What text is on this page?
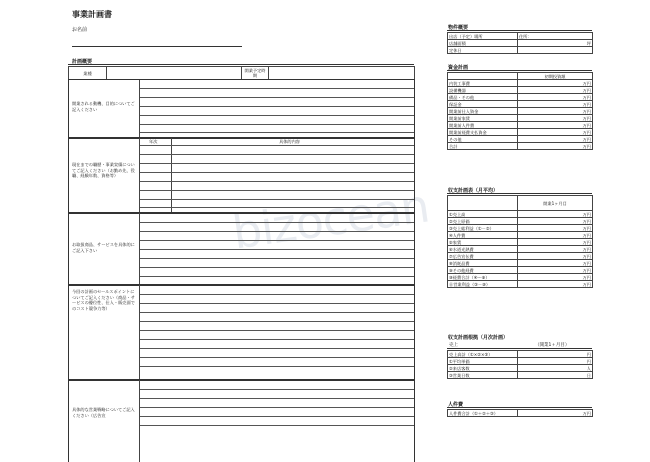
bizocean
事業計画書
お名前
計画概要
業種		開業予定時期	
開業される動機、目的についてご記入ください
現在までの職歴・事業実績についてご記入ください（お勤め先、役職、経験年数、資格等）
年次	具体的内容
お取扱商品、サービスを具体的にご記入下さい
今回の計画のセールスポイントについてご記入ください（商品・サービスの優位性、仕入・販売面でのコスト競争力等）
具体的な営業戦略についてご記入ください（広告宣
物件概要
出店（予定）場所	住所：
店舗面積	坪
定休日	
資金計画
	初期投資額
内装工事費	万円
設備機器	万円
備品・その他	万円
保証金	万円
開業前仕入資金	万円
開業前家賃	万円
開業前人件費	万円
開業前経費支払資金	万円
その他	万円
合計	万円
収支計画表（月平均）
	開業1ヶ月目
①売上高	万円
②売上原価	万円
③売上総利益（①－②）	万円
④人件費	万円
⑤家賃	万円
⑥水道光熱費	万円
⑦広告宣伝費	万円
⑧消耗品費	万円
⑨その他経費	万円
⑩経費合計（④～⑨）	万円
⑪営業利益（③－⑩）	万円
収支計画根拠（月次計画）
売上	（開業1ヶ月目）
売上高計（①×②×③）	円
①平均単価	円
②来店客数	人
③営業日数	日
人件費
人件費合計（①＋②＋③）	万円
